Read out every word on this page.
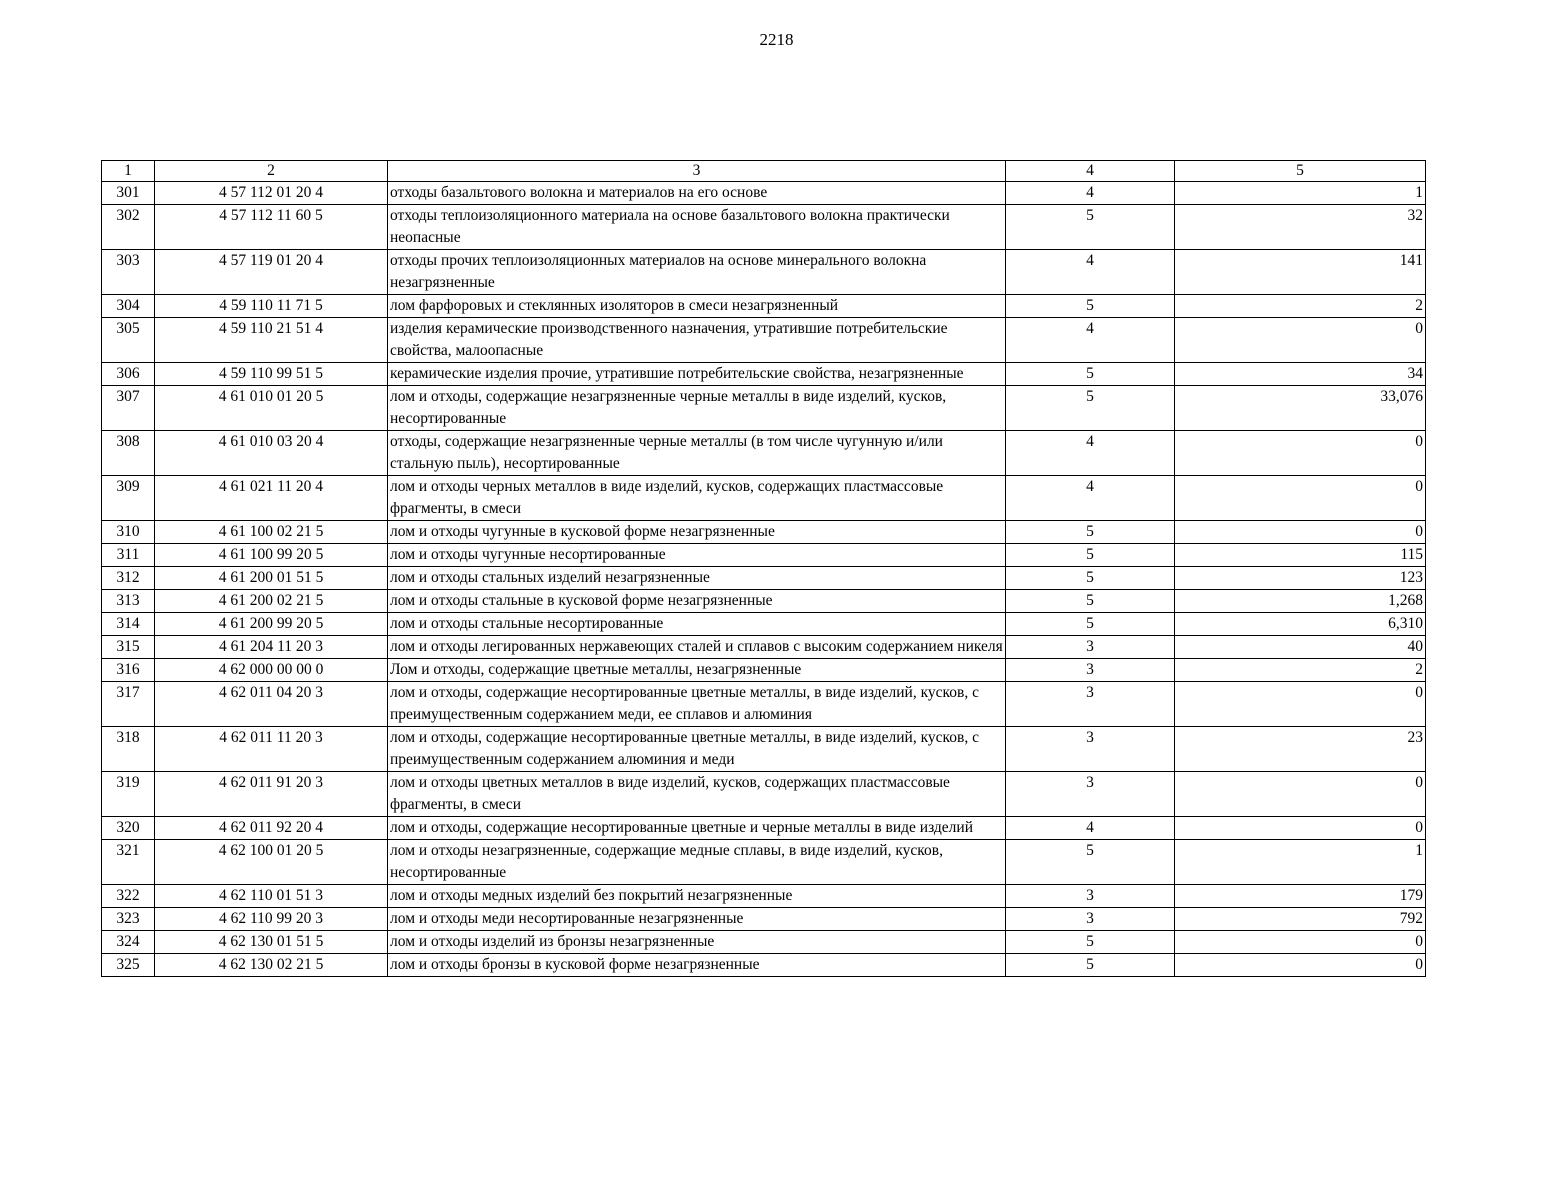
2218
1	2	3	4	5
301	4 57 112 01 20 4	отходы базальтового волокна и материалов на его основе	4	1
302	4 57 112 11 60 5	отходы теплоизоляционного материала на основе базальтового волокна практически неопасные	5	32
303	4 57 119 01 20 4	отходы прочих теплоизоляционных материалов на основе минерального волокна незагрязненные	4	141
304	4 59 110 11 71 5	лом фарфоровых и стеклянных изоляторов в смеси незагрязненный	5	2
305	4 59 110 21 51 4	изделия керамические производственного назначения, утратившие потребительские свойства, малоопасные	4	0
306	4 59 110 99 51 5	керамические изделия прочие, утратившие потребительские свойства, незагрязненные	5	34
307	4 61 010 01 20 5	лом и отходы, содержащие незагрязненные черные металлы в виде изделий, кусков, несортированные	5	33,076
308	4 61 010 03 20 4	отходы, содержащие незагрязненные черные металлы (в том числе чугунную и/или стальную пыль), несортированные	4	0
309	4 61 021 11 20 4	лом и отходы черных металлов в виде изделий, кусков, содержащих пластмассовые фрагменты, в смеси	4	0
310	4 61 100 02 21 5	лом и отходы чугунные в кусковой форме незагрязненные	5	0
311	4 61 100 99 20 5	лом и отходы чугунные несортированные	5	115
312	4 61 200 01 51 5	лом и отходы стальных изделий незагрязненные	5	123
313	4 61 200 02 21 5	лом и отходы стальные в кусковой форме незагрязненные	5	1,268
314	4 61 200 99 20 5	лом и отходы стальные несортированные	5	6,310
315	4 61 204 11 20 3	лом и отходы легированных нержавеющих сталей и сплавов с высоким содержанием никеля	3	40
316	4 62 000 00 00 0	Лом и отходы, содержащие цветные металлы, незагрязненные	3	2
317	4 62 011 04 20 3	лом и отходы, содержащие несортированные цветные металлы, в виде изделий, кусков, с преимущественным содержанием меди, ее сплавов и алюминия	3	0
318	4 62 011 11 20 3	лом и отходы, содержащие несортированные цветные металлы, в виде изделий, кусков, с преимущественным содержанием алюминия и меди	3	23
319	4 62 011 91 20 3	лом и отходы цветных металлов в виде изделий, кусков, содержащих пластмассовые фрагменты, в смеси	3	0
320	4 62 011 92 20 4	лом и отходы, содержащие несортированные цветные и черные металлы в виде изделий	4	0
321	4 62 100 01 20 5	лом и отходы незагрязненные, содержащие медные сплавы, в виде изделий, кусков, несортированные	5	1
322	4 62 110 01 51 3	лом и отходы медных изделий без покрытий незагрязненные	3	179
323	4 62 110 99 20 3	лом и отходы меди несортированные незагрязненные	3	792
324	4 62 130 01 51 5	лом и отходы изделий из бронзы незагрязненные	5	0
325	4 62 130 02 21 5	лом и отходы бронзы в кусковой форме незагрязненные	5	0
